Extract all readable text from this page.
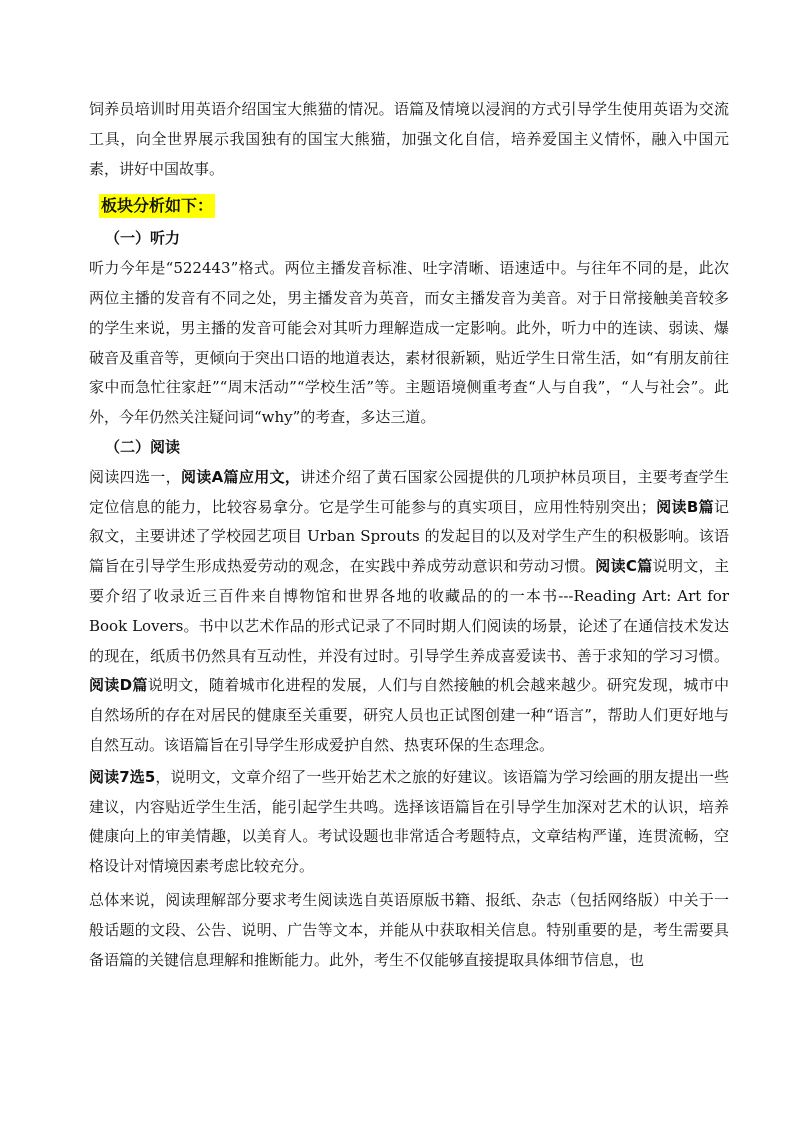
饲养员培训时用英语介绍国宝大熊猫的情况。语篇及情境以浸润的方式引导学生使用英语为交流工具，向全世界展示我国独有的国宝大熊猫，加强文化自信，培养爱国主义情怀，融入中国元素，讲好中国故事。

板块分析如下：
（一）听力

听力今年是“522443”格式。两位主播发音标准、吐字清晰、语速适中。与往年不同的是，此次两位主播的发音有不同之处，男主播发音为英音，而女主播发音为美音。对于日常接触美音较多的学生来说，男主播的发音可能会对其听力理解造成一定影响。此外，听力中的连读、弱读、爆破音及重音等，更倾向于突出口语的地道表达，素材很新颖，贴近学生日常生活，如“有朋友前往家中而急忙往家赶”“周末活动”“学校生活”等。主题语境侧重考查“人与自我”，“人与社会”。此外，今年仍然关注疑问词“why”的考查，多达三道。

（二）阅读

阅读四选一，阅读A篇应用文，讲述介绍了黄石国家公园提供的几项护林员项目，主要考查学生定位信息的能力，比较容易拿分。它是学生可能参与的真实项目，应用性特别突出；阅读B篇记叙文，主要讲述了学校园艺项目 Urban Sprouts 的发起目的以及对学生产生的积极影响。该语篇旨在引导学生形成热爱劳动的观念，在实践中养成劳动意识和劳动习惯。阅读C篇说明文，主要介绍了收录近三百件来自博物馆和世界各地的收藏品的的一本书---Reading Art: Art for Book Lovers。书中以艺术作品的形式记录了不同时期人们阅读的场景，论述了在通信技术发达的现在，纸质书仍然具有互动性，并没有过时。引导学生养成喜爱读书、善于求知的学习习惯。阅读D篇说明文，随着城市化进程的发展，人们与自然接触的机会越来越少。研究发现，城市中自然场所的存在对居民的健康至关重要，研究人员也正试图创建一种“语言”，帮助人们更好地与自然互动。该语篇旨在引导学生形成爱护自然、热衷环保的生态理念。

阅读7选5，说明文，文章介绍了一些开始艺术之旅的好建议。该语篇为学习绘画的朋友提出一些建议，内容贴近学生生活，能引起学生共鸣。选择该语篇旨在引导学生加深对艺术的认识，培养健康向上的审美情趣，以美育人。考试设题也非常适合考题特点，文章结构严谨，连贯流畅，空格设计对情境因素考虑比较充分。

总体来说，阅读理解部分要求考生阅读选自英语原版书籍、报纸、杂志（包括网络版）中关于一般话题的文段、公告、说明、广告等文本，并能从中获取相关信息。特别重要的是，考生需要具备语篇的关键信息理解和推断能力。此外，考生不仅能够直接提取具体细节信息，也
